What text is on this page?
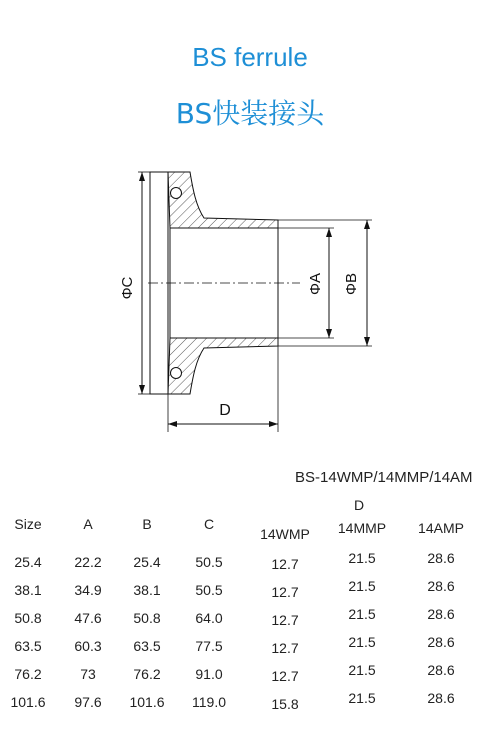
BS ferrule
BS快装接头
ΦC	ΦA ΦB
D
BS-14WMP/14MMP/14AM
D
Size	A	B	C
14WMP	14MMP	14AMP
25.4	22.2	25.4	50.5	12.7	21.5	28.6
38.1	34.9	38.1	50.5	12.7	21.5	28.6
50.8	47.6	50.8	64.0	12.7	21.5	28.6
63.5	60.3	63.5	77.5	12.7	21.5	28.6
76.2	73	76.2	91.0	12.7	21.5	28.6
101.6	97.6	101.6	119.0	15.8	21.5	28.6
